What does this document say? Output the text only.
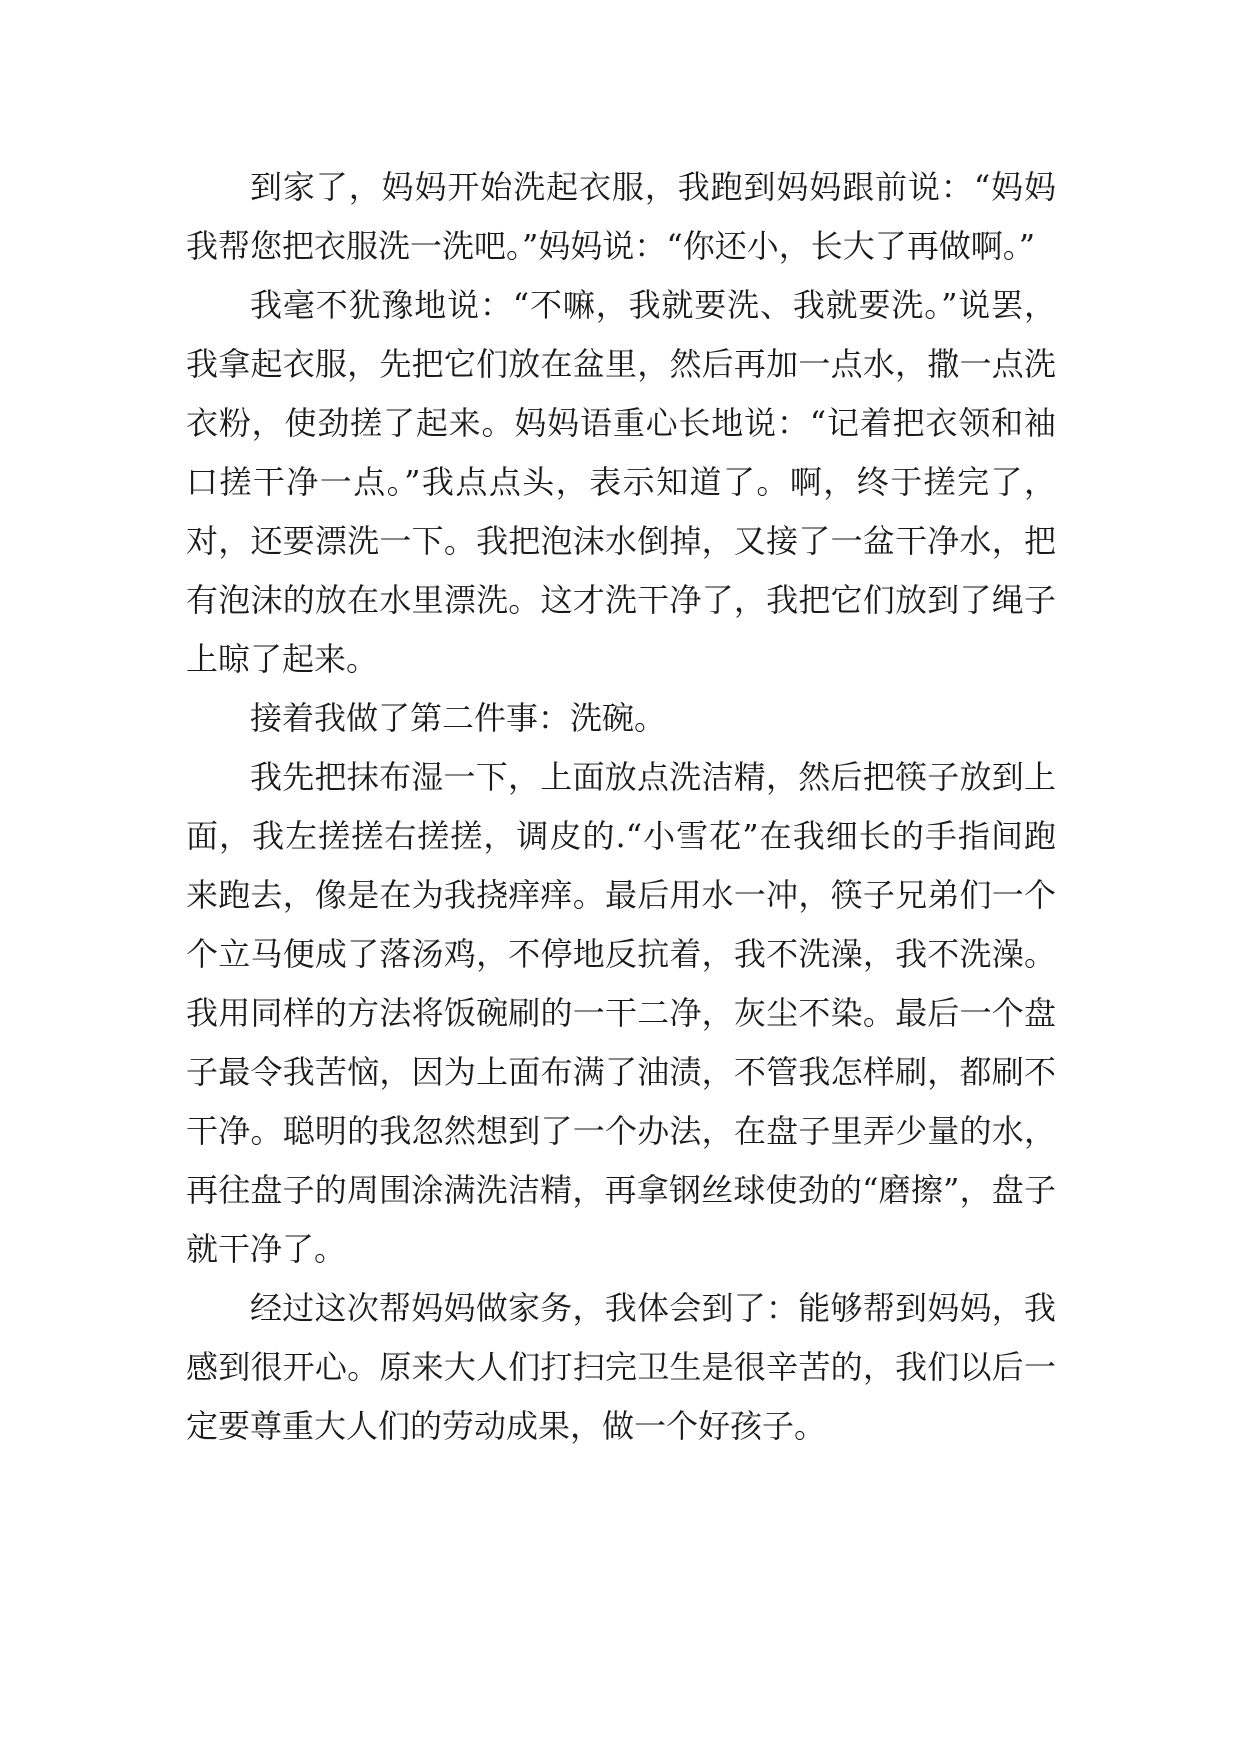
到家了，妈妈开始洗起衣服，我跑到妈妈跟前说：“妈妈我帮您把衣服洗一洗吧。”妈妈说：“你还小，长大了再做啊。”

我毫不犹豫地说：“不嘛，我就要洗、我就要洗。”说罢，我拿起衣服，先把它们放在盆里，然后再加一点水，撒一点洗衣粉，使劲搓了起来。妈妈语重心长地说：“记着把衣领和袖口搓干净一点。”我点点头，表示知道了。啊，终于搓完了，对，还要漂洗一下。我把泡沫水倒掉，又接了一盆干净水，把有泡沫的放在水里漂洗。这才洗干净了，我把它们放到了绳子上晾了起来。

接着我做了第二件事：洗碗。

我先把抹布湿一下，上面放点洗洁精，然后把筷子放到上面，我左搓搓右搓搓，调皮的.“小雪花”在我细长的手指间跑来跑去，像是在为我挠痒痒。最后用水一冲，筷子兄弟们一个个立马便成了落汤鸡，不停地反抗着，我不洗澡，我不洗澡。我用同样的方法将饭碗刷的一干二净，灰尘不染。最后一个盘子最令我苦恼，因为上面布满了油渍，不管我怎样刷，都刷不干净。聪明的我忽然想到了一个办法，在盘子里弄少量的水，再往盘子的周围涂满洗洁精，再拿钢丝球使劲的“磨擦”，盘子就干净了。

经过这次帮妈妈做家务，我体会到了：能够帮到妈妈，我感到很开心。原来大人们打扫完卫生是很辛苦的，我们以后一定要尊重大人们的劳动成果，做一个好孩子。
